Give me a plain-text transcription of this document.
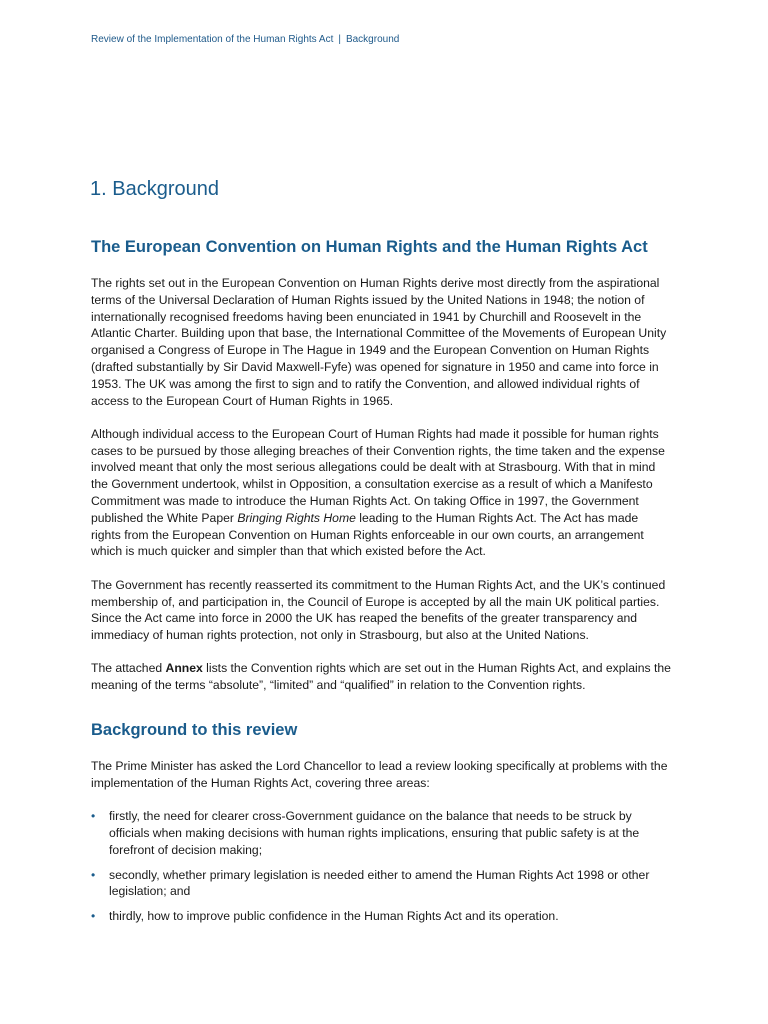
Review of the Implementation of the Human Rights Act | Background
1. Background
The European Convention on Human Rights and the Human Rights Act

The rights set out in the European Convention on Human Rights derive most directly from the aspirational terms of the Universal Declaration of Human Rights issued by the United Nations in 1948; the notion of internationally recognised freedoms having been enunciated in 1941 by Churchill and Roosevelt in the Atlantic Charter. Building upon that base, the International Committee of the Movements of European Unity organised a Congress of Europe in The Hague in 1949 and the European Convention on Human Rights (drafted substantially by Sir David Maxwell-Fyfe) was opened for signature in 1950 and came into force in 1953. The UK was among the first to sign and to ratify the Convention, and allowed individual rights of access to the European Court of Human Rights in 1965.

Although individual access to the European Court of Human Rights had made it possible for human rights cases to be pursued by those alleging breaches of their Convention rights, the time taken and the expense involved meant that only the most serious allegations could be dealt with at Strasbourg. With that in mind the Government undertook, whilst in Opposition, a consultation exercise as a result of which a Manifesto Commitment was made to introduce the Human Rights Act. On taking Office in 1997, the Government published the White Paper Bringing Rights Home leading to the Human Rights Act. The Act has made rights from the European Convention on Human Rights enforceable in our own courts, an arrangement which is much quicker and simpler than that which existed before the Act.

The Government has recently reasserted its commitment to the Human Rights Act, and the UK’s continued membership of, and participation in, the Council of Europe is accepted by all the main UK political parties. Since the Act came into force in 2000 the UK has reaped the benefits of the greater transparency and immediacy of human rights protection, not only in Strasbourg, but also at the United Nations.

The attached Annex lists the Convention rights which are set out in the Human Rights Act, and explains the meaning of the terms “absolute”, “limited” and “qualified” in relation to the Convention rights.

Background to this review

The Prime Minister has asked the Lord Chancellor to lead a review looking specifically at problems with the implementation of the Human Rights Act, covering three areas:

• firstly, the need for clearer cross-Government guidance on the balance that needs to be struck by officials when making decisions with human rights implications, ensuring that public safety is at the forefront of decision making;
• secondly, whether primary legislation is needed either to amend the Human Rights Act 1998 or other legislation; and
• thirdly, how to improve public confidence in the Human Rights Act and its operation.
